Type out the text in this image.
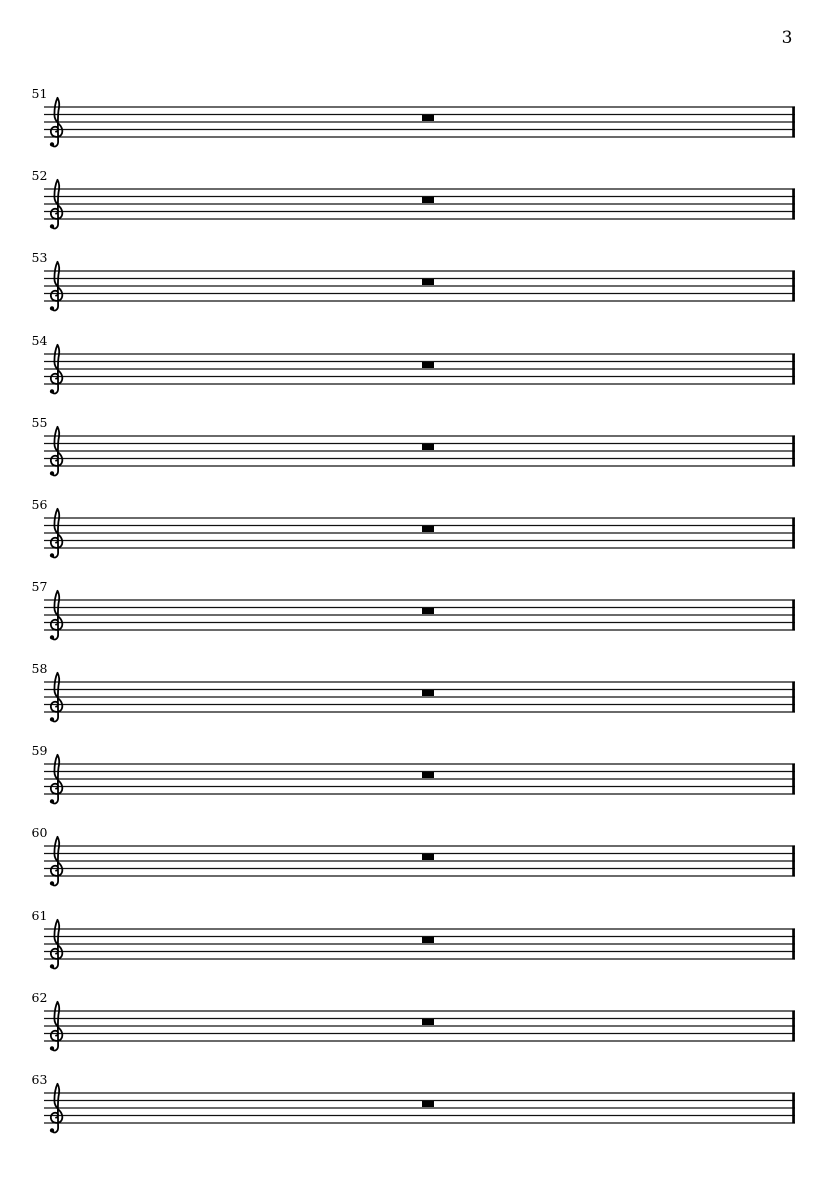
3
51
52
53
54
55
56
57
58
59
60
61
62
63
